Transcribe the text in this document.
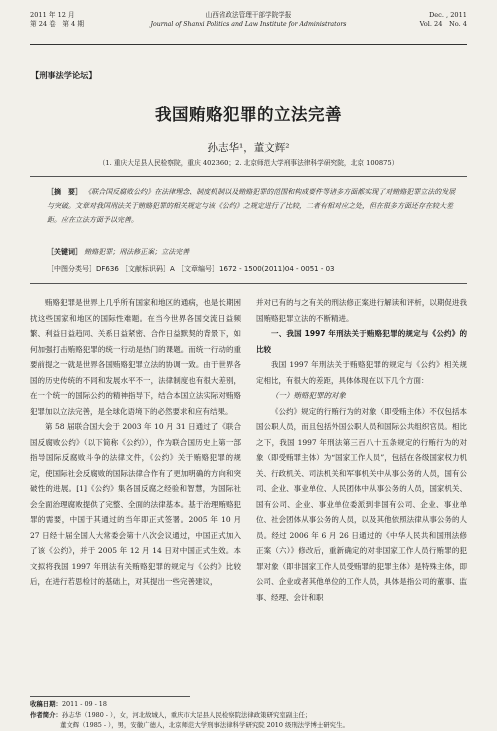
2011 年 12 月
第 24 卷　第 4 期
山西省政法管理干部学院学报
Journal of Shanxi Politics and Law Institute for Administrators
Dec. , 2011
Vol. 24　No. 4
【刑事法学论坛】
我国贿赂犯罪的立法完善
孙志华¹，董文辉²
（1. 重庆大足县人民检察院，重庆 402360；2. 北京师范大学刑事法律科学研究院，北京 100875）
［摘　要］ 《联合国反腐败公约》在法律理念、制度机制以及贿赂犯罪的范围和构成要件等诸多方面都实现了对贿赂犯罪立法的发展与突破。文章对我国刑法关于贿赂犯罪的相关规定与该《公约》之规定进行了比较，二者有相对应之处，但在很多方面还存在较大差距。应在立法方面予以完善。
［关键词］ 贿赂犯罪；刑法修正案；立法完善
［中图分类号］DF636 ［文献标识码］A ［文章编号］1672 - 1500(2011)04 - 0051 - 03

贿赂犯罪是世界上几乎所有国家和地区的通病，也是长期困扰这些国家和地区的国际性难题。在当今世界各国交流日益频繁、利益日益趋同、关系日益紧密、合作日益默契的背景下，如何加强打击贿赂犯罪的统一行动是热门的课题。而统一行动的重要前提之一就是世界各国贿赂犯罪立法的协调一致。由于世界各国的历史传统的不同和发展水平不一，法律制度也有很大差别，在一个统一的国际公约的精神指导下，结合本国立法实际对贿赂犯罪加以立法完善，是全球化语境下的必然要求和应有结果。

第 58 届联合国大会于 2003 年 10 月 31 日通过了《联合国反腐败公约》（以下简称《公约》），作为联合国历史上第一部指导国际反腐败斗争的法律文件，《公约》关于贿赂犯罪的规定，使国际社会反腐败的国际法律合作有了更加明确的方向和突破性的进展。[1]《公约》集各国反腐之经验和智慧，为国际社会全面治理腐败提供了完整、全面的法律基本。基于治理贿赂犯罪的需要，中国于其通过的当年即正式签署。2005 年 10 月 27 日经十届全国人大常委会第十八次会议通过，中国正式加入了该《公约》，并于 2005 年 12 月 14 日对中国正式生效。本文拟将我国 1997 年刑法有关贿赂犯罪的规定与《公约》比较后，在进行若思检讨的基础上，对其提出一些完善建议，

并对已有的与之有关的刑法修正案进行解读和评析，以期促进我国贿赂犯罪立法的不断精进。

一、我国 1997 年刑法关于贿赂犯罪的规定与《公约》的比较

我国 1997 年刑法关于贿赂犯罪的规定与《公约》相关规定相比，有很大的差距，具体体现在以下几个方面：

（一）贿赂犯罪的对象

《公约》规定的行贿行为的对象（即受贿主体）不仅包括本国公职人员，而且包括外国公职人员和国际公共组织官员。相比之下，我国 1997 年刑法第三百八十五条规定的行贿行为的对象（即受贿罪主体）为“国家工作人员”，包括在各级国家权力机关、行政机关、司法机关和军事机关中从事公务的人员，国有公司、企业、事业单位、人民团体中从事公务的人员，国家机关、国有公司、企业、事业单位委派到非国有公司、企业、事业单位、社会团体从事公务的人员，以及其他依照法律从事公务的人员。经过 2006 年 6 月 26 日通过的《中华人民共和国刑法修正案（六）》修改后，重新确定的对非国家工作人员行贿罪的犯罪对象（即非国家工作人员受贿罪的犯罪主体）是特殊主体，即公司、企业或者其他单位的工作人员，具体是指公司的董事、监事、经理、会计和职

收稿日期：2011 - 09 - 18
作者简介：孙志华（1980 - ），女，河北故城人，重庆市大足县人民检察院法律政策研究室副主任；
董文辉（1985 - ），男，安徽广德人，北京师范大学刑事法律科学研究院 2010 级刑法学博士研究生。
